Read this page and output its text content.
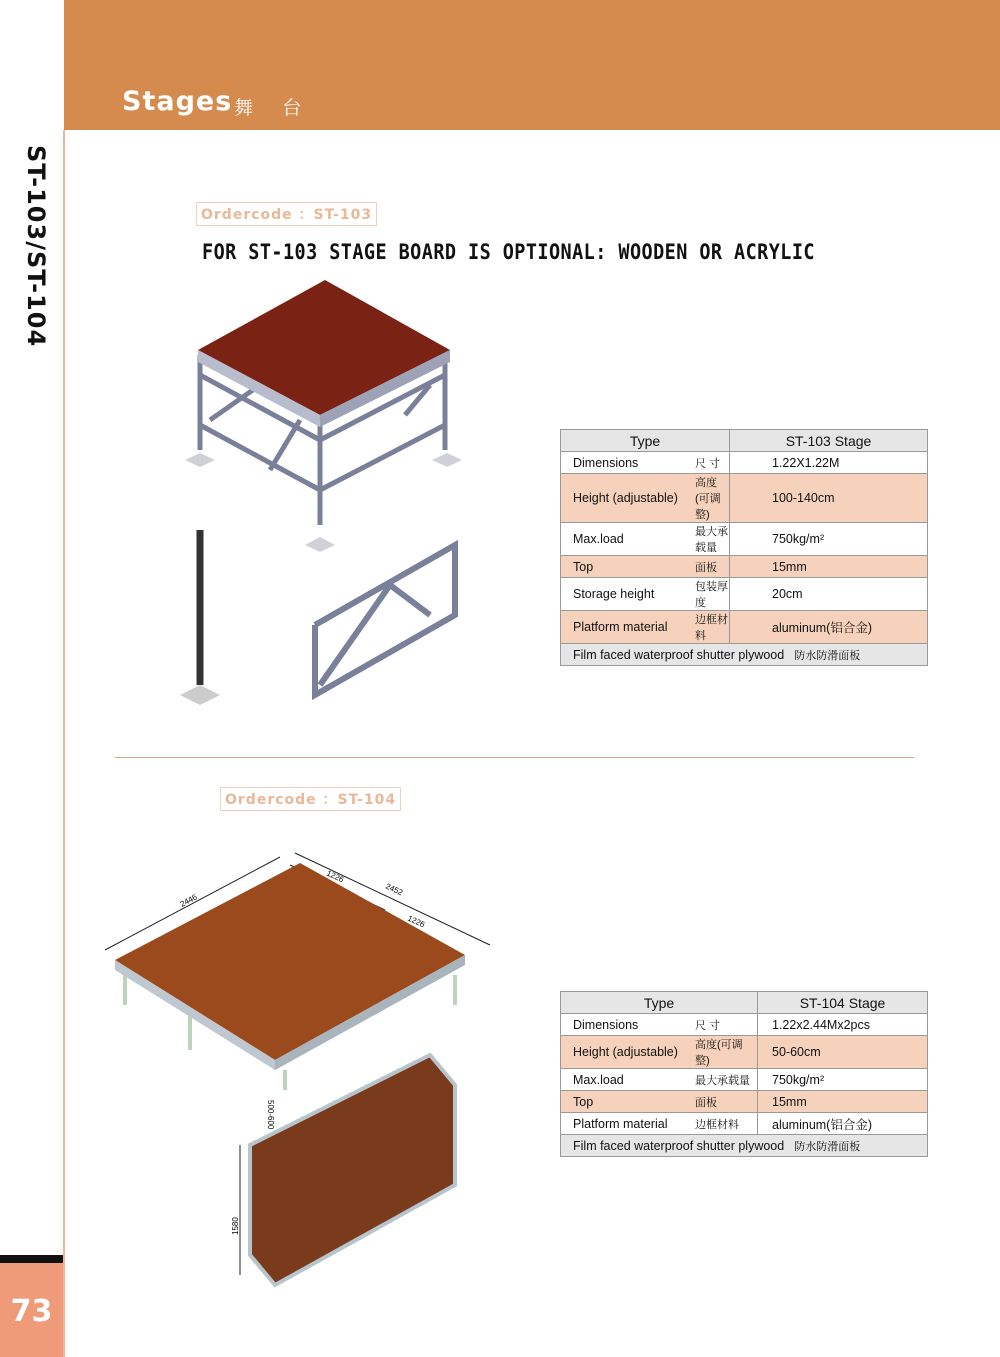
Stages 舞 台
ST-103/ST-104
73
Ordercode ：ST-103
FOR ST-103 STAGE BOARD IS OPTIONAL: WOODEN OR ACRYLIC
Type		ST-103 Stage
Dimensions	尺 寸	1.22X1.22M
Height (adjustable)	高度(可调整)	100-140cm
Max.load	最大承载量	750kg/m²
Top	面板	15mm
Storage height	包装厚度	20cm
Platform material	边框材料	aluminum(铝合金)
Film faced waterproof shutter plywood 防水防滑面板		
Ordercode ：ST-104
2446
1226
2452
1226
500-600
1580
Type		ST-104 Stage
Dimensions	尺 寸	1.22x2.44Mx2pcs
Height (adjustable)	高度(可调整)	50-60cm
Max.load	最大承载量	750kg/m²
Top	面板	15mm
Platform material	边框材料	aluminum(铝合金)
Film faced waterproof shutter plywood 防水防滑面板		
